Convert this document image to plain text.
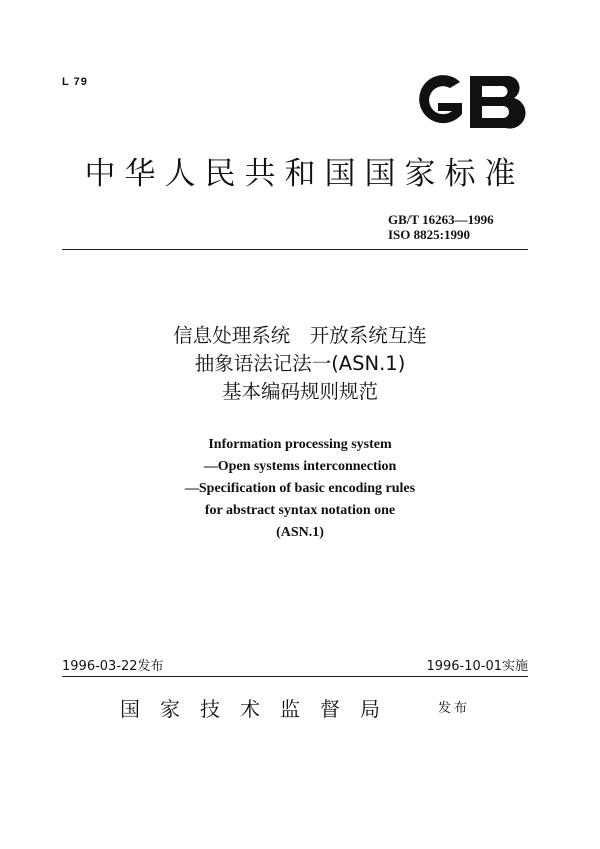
L 79
GB
中华人民共和国国家标准
GB/T 16263—1996
ISO 8825:1990
信息处理系统　开放系统互连
抽象语法记法一(ASN.1)
基本编码规则规范
Information processing system
—Open systems interconnection
—Specification of basic encoding rules
for abstract syntax notation one
(ASN.1)
1996-03-22发布	1996-10-01实施
国家技术监督局	发布
